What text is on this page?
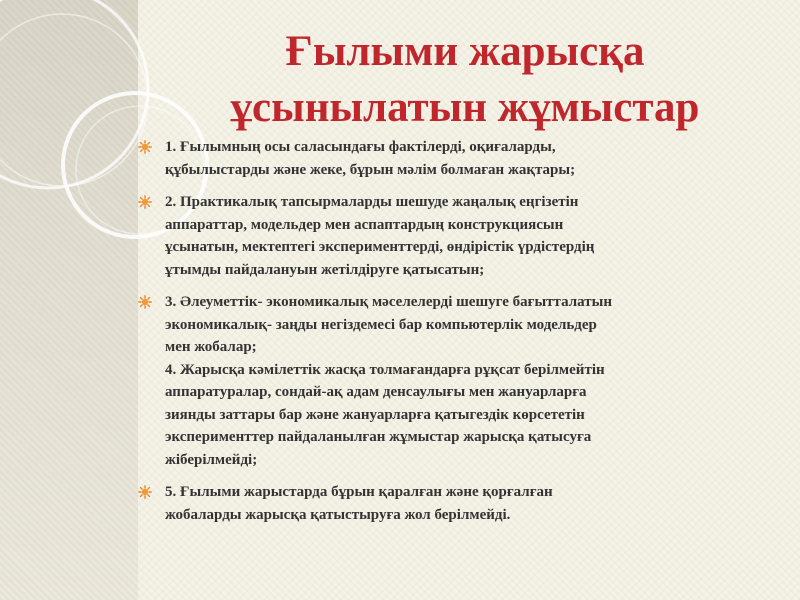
Ғылыми жарысқа
ұсынылатын жұмыстар
1. Ғылымның осы саласындағы фактілерді, оқиғаларды,
құбылыстарды және жеке, бұрын мәлім болмаған жақтары;
2. Практикалық тапсырмаларды шешуде жаңалық еңгізетін
аппараттар, модельдер мен аспаптардың конструкциясын
ұсынатын, мектептегі эксперименттерді, өндірістік үрдістердің
ұтымды пайдалануын жетілдіруге қатысатын;
3. Әлеуметтік- экономикалық мәселелерді шешуге бағытталатын
экономикалық- заңды негіздемесі бар компьютерлік модельдер
мен жобалар;
4. Жарысқа кәмілеттік жасқа толмағандарға рұқсат берілмейтін
аппаратуралар, сондай-ақ адам денсаулығы мен жануарларға
зиянды заттары бар және жануарларға қатыгездік көрсететін
эксперименттер пайдаланылған жұмыстар жарысқа қатысуға
жіберілмейді;
5. Ғылыми жарыстарда бұрын қаралған және қорғалған
жобаларды жарысқа қатыстыруға жол берілмейді.
